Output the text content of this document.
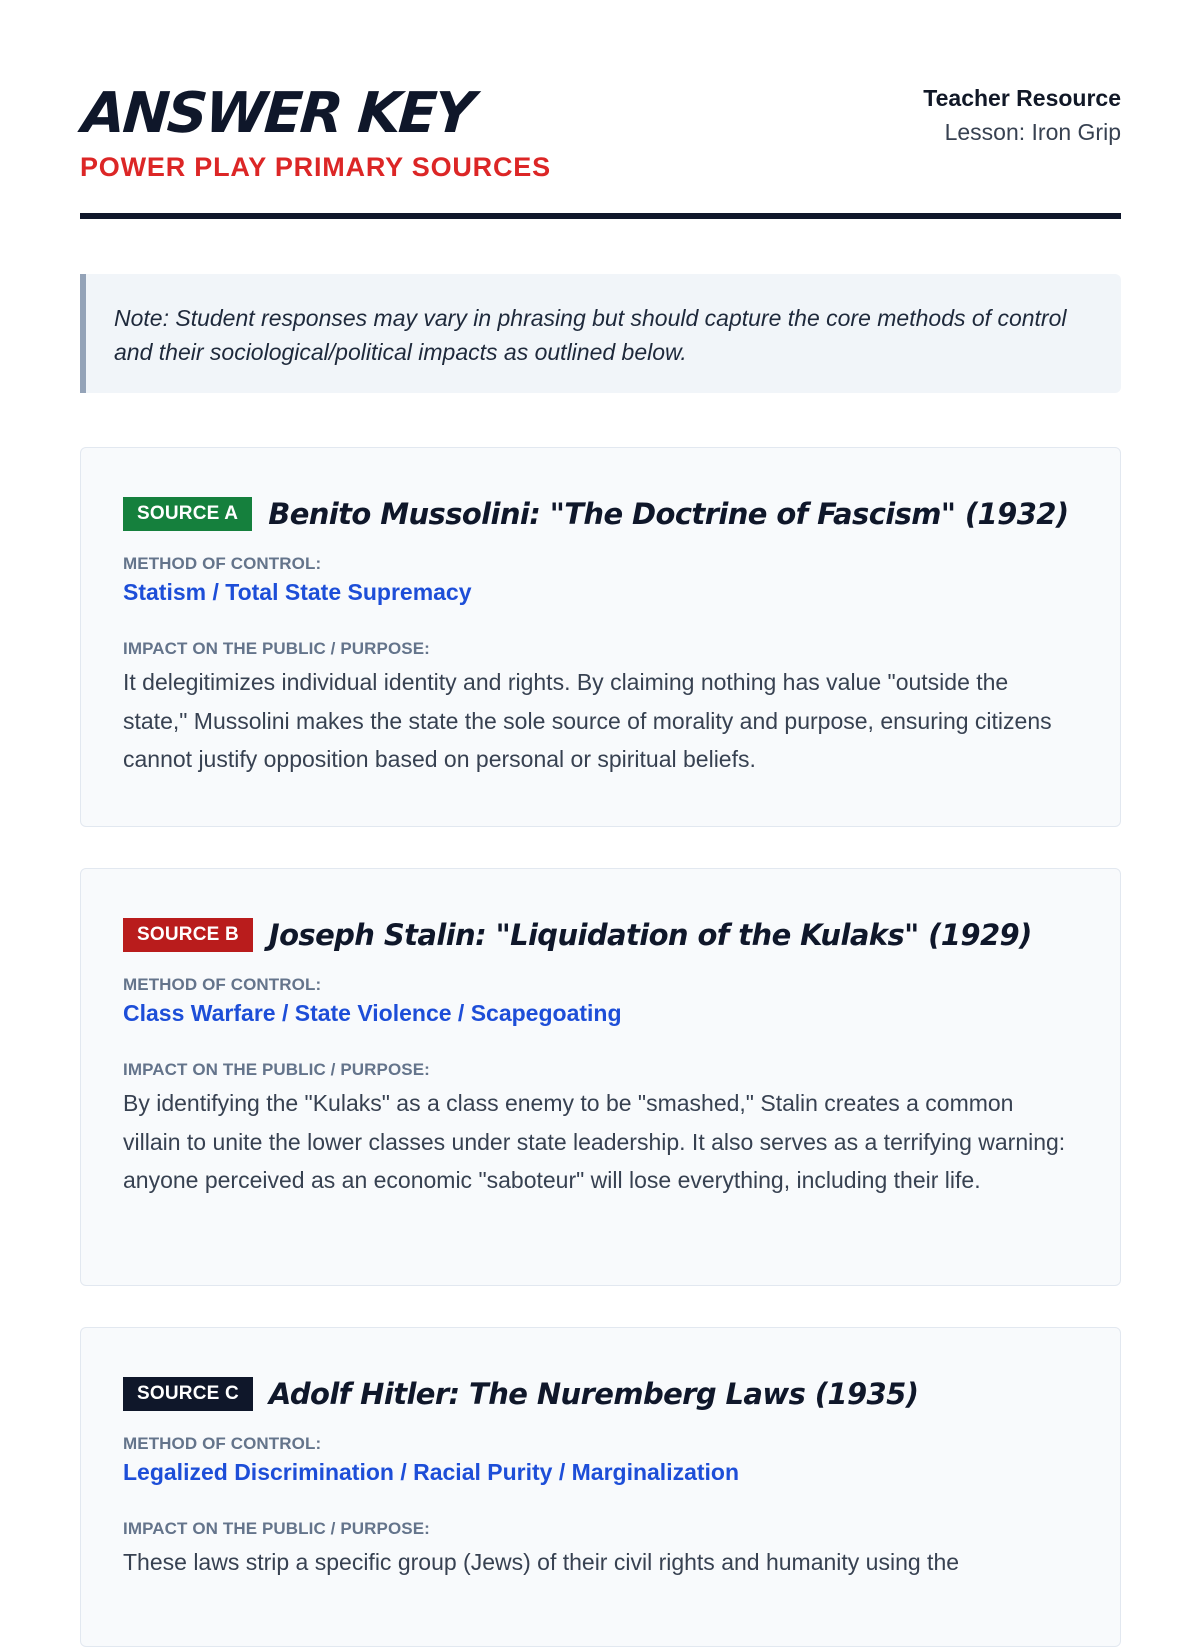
ANSWER KEY
POWER PLAY PRIMARY SOURCES
Teacher Resource
Lesson: Iron Grip
Note: Student responses may vary in phrasing but should capture the core methods of control and their sociological/political impacts as outlined below.
SOURCE A	Benito Mussolini: "The Doctrine of Fascism" (1932)
METHOD OF CONTROL:
Statism / Total State Supremacy
IMPACT ON THE PUBLIC / PURPOSE:
It delegitimizes individual identity and rights. By claiming nothing has value "outside the state," Mussolini makes the state the sole source of morality and purpose, ensuring citizens cannot justify opposition based on personal or spiritual beliefs.
SOURCE B	Joseph Stalin: "Liquidation of the Kulaks" (1929)
METHOD OF CONTROL:
Class Warfare / State Violence / Scapegoating
IMPACT ON THE PUBLIC / PURPOSE:
By identifying the "Kulaks" as a class enemy to be "smashed," Stalin creates a common villain to unite the lower classes under state leadership. It also serves as a terrifying warning: anyone perceived as an economic "saboteur" will lose everything, including their life.
SOURCE C	Adolf Hitler: The Nuremberg Laws (1935)
METHOD OF CONTROL:
Legalized Discrimination / Racial Purity / Marginalization
IMPACT ON THE PUBLIC / PURPOSE:
These laws strip a specific group (Jews) of their civil rights and humanity using the
